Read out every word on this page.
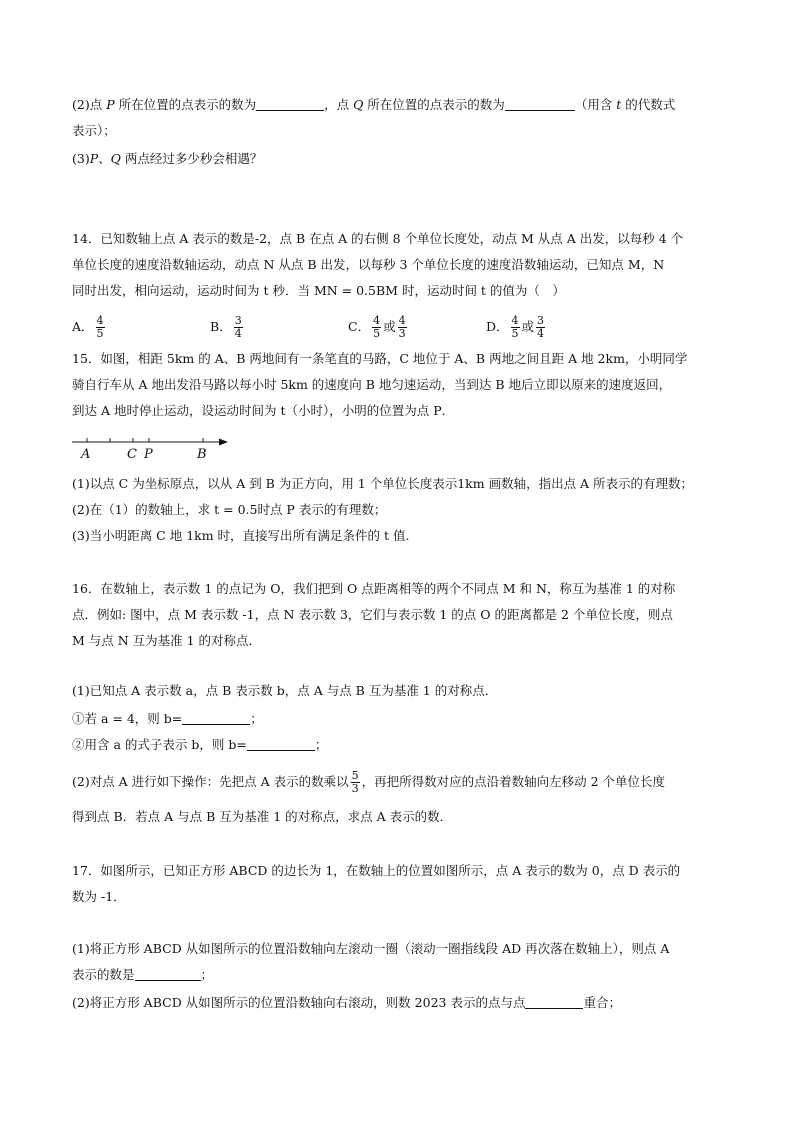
(2)点 P 所在位置的点表示的数为	，点 Q 所在位置的点表示的数为	（用含 t 的代数式
表示）；
(3)P、Q 两点经过多少秒会相遇？
14．已知数轴上点 A 表示的数是-2，点 B 在点 A 的右侧 8 个单位长度处，动点 M 从点 A 出发，以每秒 4 个
单位长度的速度沿数轴运动，动点 N 从点 B 出发，以每秒 3 个单位长度的速度沿数轴运动，已知点 M，N
同时出发，相向运动，运动时间为 t 秒．当 MN = 0.5BM 时，运动时间 t 的值为（　）
A． $\frac{4}{5}$	B． $\frac{3}{4}$	C． $\frac{4}{5}$ 或 $\frac{4}{3}$	D． $\frac{4}{5}$ 或 $\frac{3}{4}$
15．如图，相距 5km 的 A、B 两地间有一条笔直的马路，C 地位于 A、B 两地之间且距 A 地 2km，小明同学
骑自行车从 A 地出发沿马路以每小时 5km 的速度向 B 地匀速运动，当到达 B 地后立即以原来的速度返回，
到达 A 地时停止运动，设运动时间为 t（小时），小明的位置为点 P．
A	C P	B
(1)以点 C 为坐标原点，以从 A 到 B 为正方向，用 1 个单位长度表示1km 画数轴，指出点 A 所表示的有理数；
(2)在（1）的数轴上，求 t = 0.5时点 P 表示的有理数；
(3)当小明距离 C 地 1km 时，直接写出所有满足条件的 t 值.
16．在数轴上，表示数 1 的点记为 O，我们把到 O 点距离相等的两个不同点 M 和 N，称互为基准 1 的对称
点．例如: 图中，点 M 表示数 -1，点 N 表示数 3，它们与表示数 1 的点 O 的距离都是 2 个单位长度，则点
M 与点 N 互为基准 1 的对称点．
(1)已知点 A 表示数 a，点 B 表示数 b，点 A 与点 B 互为基准 1 的对称点．
①若 a = 4，则 b=	；
②用含 a 的式子表示 b，则 b=	；
(2)对点 A 进行如下操作：先把点 A 表示的数乘以 $\frac{5}{3}$ ，再把所得数对应的点沿着数轴向左移动 2 个单位长度
得到点 B．若点 A 与点 B 互为基准 1 的对称点，求点 A 表示的数．
17．如图所示，已知正方形 ABCD 的边长为 1，在数轴上的位置如图所示，点 A 表示的数为 0，点 D 表示的
数为 -1．
(1)将正方形 ABCD 从如图所示的位置沿数轴向左滚动一圈（滚动一圈指线段 AD 再次落在数轴上），则点 A
表示的数是	；
(2)将正方形 ABCD 从如图所示的位置沿数轴向右滚动，则数 2023 表示的点与点	重合；
